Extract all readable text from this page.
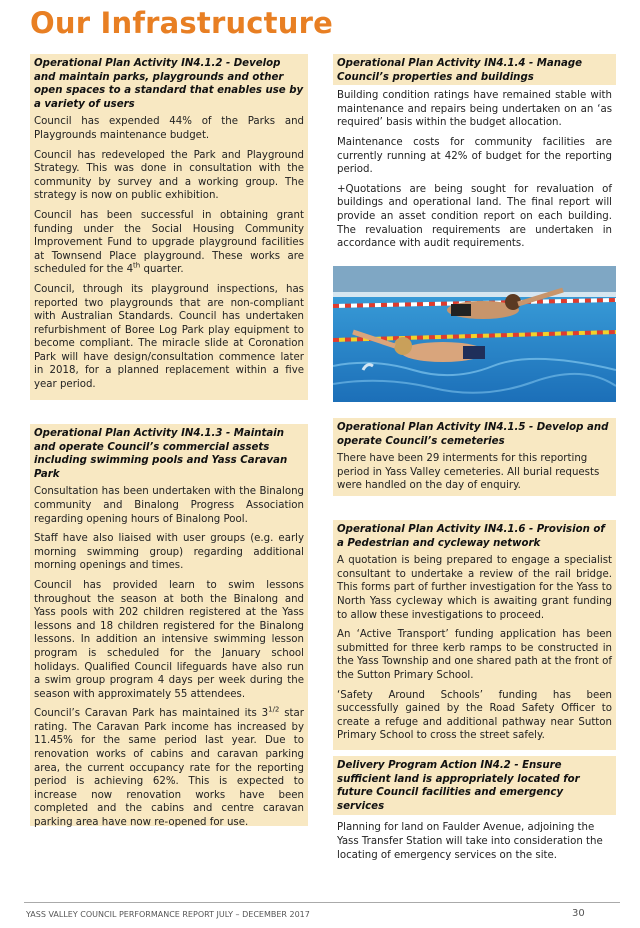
Our Infrastructure

Operational Plan Activity IN4.1.2 - Develop and maintain parks, playgrounds and other open spaces to a standard that enables use by a variety of users

Council has expended 44% of the Parks and Playgrounds maintenance budget.

Council has redeveloped the Park and Playground Strategy. This was done in consultation with the community by survey and a working group. The strategy is now on public exhibition.

Council has been successful in obtaining grant funding under the Social Housing Community Improvement Fund to upgrade playground facilities at Townsend Place playground. These works are scheduled for the 4th quarter.

Council, through its playground inspections, has reported two playgrounds that are non-compliant with Australian Standards. Council has undertaken refurbishment of Boree Log Park play equipment to become compliant. The miracle slide at Coronation Park will have design/consultation commence later in 2018, for a planned replacement within a five year period.

Operational Plan Activity IN4.1.3 - Maintain and operate Council’s commercial assets including swimming pools and Yass Caravan Park

Consultation has been undertaken with the Binalong community and Binalong Progress Association regarding opening hours of Binalong Pool.

Staff have also liaised with user groups (e.g. early morning swimming group) regarding additional morning openings and times.

Council has provided learn to swim lessons throughout the season at both the Binalong and Yass pools with 202 children registered at the Yass lessons and 18 children registered for the Binalong lessons. In addition an intensive swimming lesson program is scheduled for the January school holidays. Qualified Council lifeguards have also run a swim group program 4 days per week during the season with approximately 55 attendees.

Council’s Caravan Park has maintained its $3^{1/2}$ star rating. The Caravan Park income has increased by 11.45% for the same period last year. Due to renovation works of cabins and caravan parking area, the current occupancy rate for the reporting period is achieving 62%. This is expected to increase now renovation works have been completed and the cabins and centre caravan parking area have now re-opened for use.

Operational Plan Activity IN4.1.4 - Manage Council’s properties and buildings

Building condition ratings have remained stable with maintenance and repairs being undertaken on an ‘as required’ basis within the budget allocation.

Maintenance costs for community facilities are currently running at 42% of budget for the reporting period.

+Quotations are being sought for revaluation of buildings and operational land. The final report will provide an asset condition report on each building. The revaluation requirements are undertaken in accordance with audit requirements.

Operational Plan Activity IN4.1.5 - Develop and operate Council’s cemeteries

There have been 29 interments for this reporting period in Yass Valley cemeteries. All burial requests were handled on the day of enquiry.

Operational Plan Activity IN4.1.6 - Provision of a Pedestrian and cycleway network

A quotation is being prepared to engage a specialist consultant to undertake a review of the rail bridge. This forms part of further investigation for the Yass to North Yass cycleway which is awaiting grant funding to allow these investigations to proceed.

An ‘Active Transport’ funding application has been submitted for three kerb ramps to be constructed in the Yass Township and one shared path at the front of the Sutton Primary School.

‘Safety Around Schools’ funding has been successfully gained by the Road Safety Officer to create a refuge and additional pathway near Sutton Primary School to cross the street safely.

Delivery Program Action IN4.2 - Ensure sufficient land is appropriately located for future Council facilities and emergency services

Planning for land on Faulder Avenue, adjoining the Yass Transfer Station will take into consideration the locating of emergency services on the site.

YASS VALLEY COUNCIL PERFORMANCE REPORT JULY – DECEMBER 2017	30
